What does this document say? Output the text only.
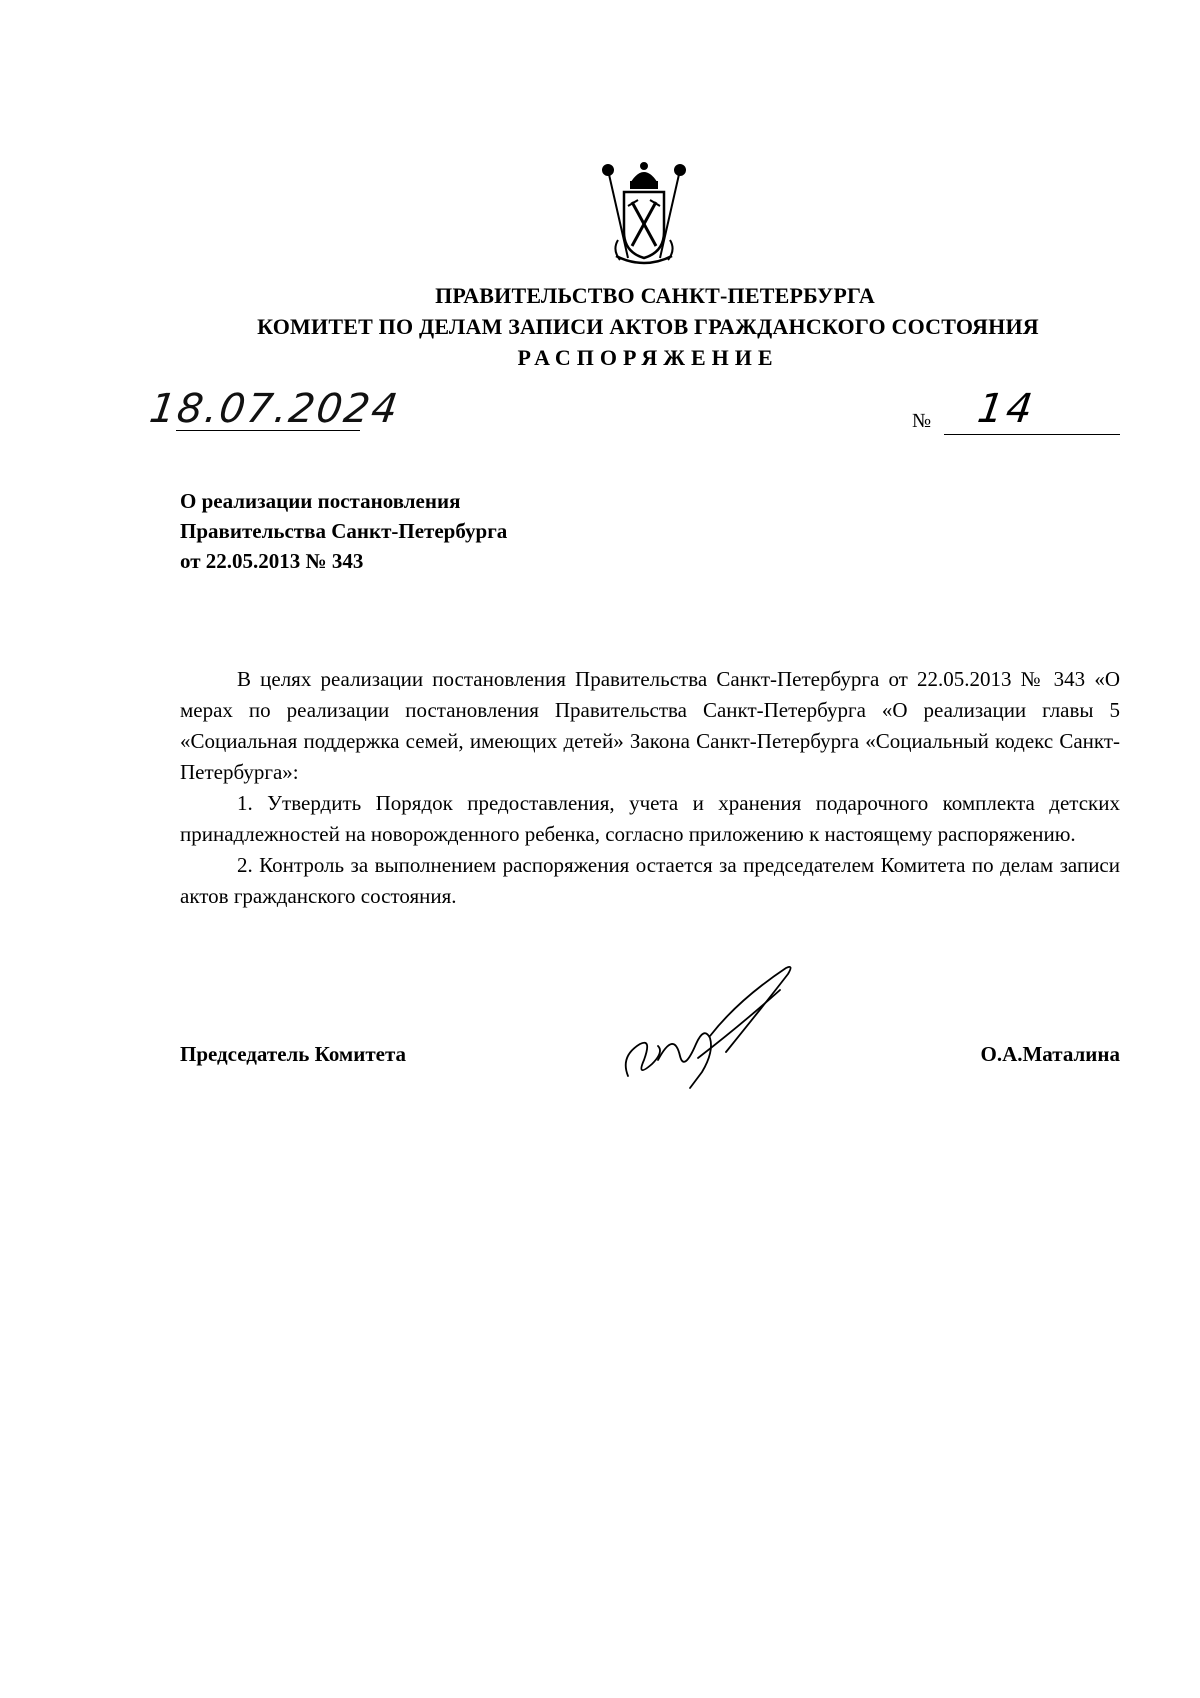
ПРАВИТЕЛЬСТВО САНКТ-ПЕТЕРБУРГА
КОМИТЕТ ПО ДЕЛАМ ЗАПИСИ АКТОВ ГРАЖДАНСКОГО СОСТОЯНИЯ
РАСПОРЯЖЕНИЕ
18.07.2024	№ 14
О реализации постановления
Правительства Санкт-Петербурга
от 22.05.2013 № 343

В целях реализации постановления Правительства Санкт-Петербурга от 22.05.2013 № 343 «О мерах по реализации постановления Правительства Санкт-Петербурга «О реализации главы 5 «Социальная поддержка семей, имеющих детей» Закона Санкт-Петербурга «Социальный кодекс Санкт-Петербурга»:

1. Утвердить Порядок предоставления, учета и хранения подарочного комплекта детских принадлежностей на новорожденного ребенка, согласно приложению к настоящему распоряжению.

2. Контроль за выполнением распоряжения остается за председателем Комитета по делам записи актов гражданского состояния.

Председатель Комитета	О.А.Маталина
